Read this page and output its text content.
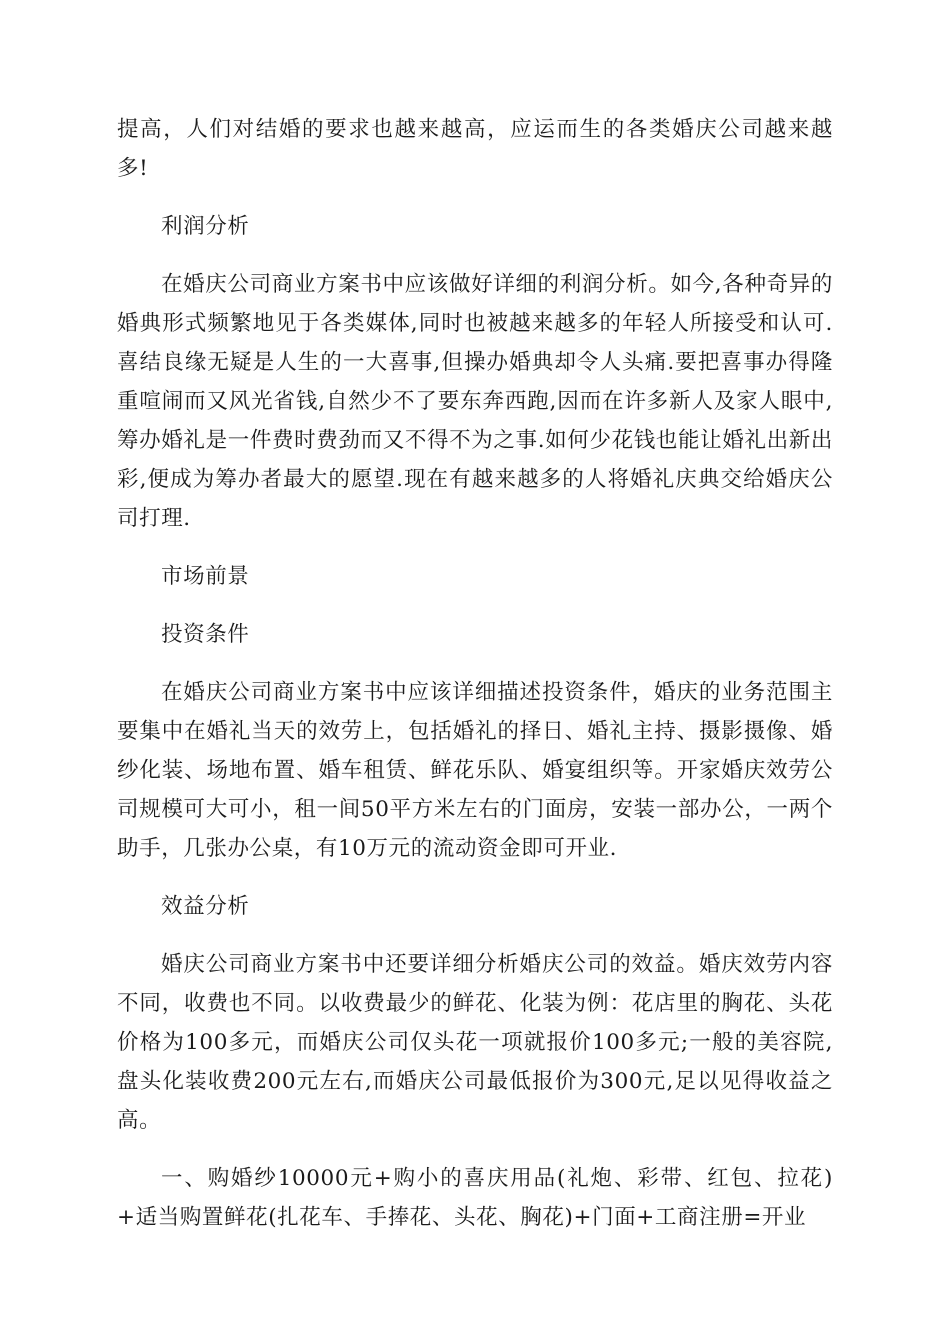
提高，人们对结婚的要求也越来越高，应运而生的各类婚庆公司越来越多!

利润分析

在婚庆公司商业方案书中应该做好详细的利润分析。如今,各种奇异的婚典形式频繁地见于各类媒体,同时也被越来越多的年轻人所接受和认可.喜结良缘无疑是人生的一大喜事,但操办婚典却令人头痛.要把喜事办得隆重喧闹而又风光省钱,自然少不了要东奔西跑,因而在许多新人及家人眼中,筹办婚礼是一件费时费劲而又不得不为之事.如何少花钱也能让婚礼出新出彩,便成为筹办者最大的愿望.现在有越来越多的人将婚礼庆典交给婚庆公司打理.

市场前景

投资条件

在婚庆公司商业方案书中应该详细描述投资条件，婚庆的业务范围主要集中在婚礼当天的效劳上，包括婚礼的择日、婚礼主持、摄影摄像、婚纱化装、场地布置、婚车租赁、鲜花乐队、婚宴组织等。开家婚庆效劳公司规模可大可小，租一间50平方米左右的门面房，安装一部办公，一两个助手，几张办公桌，有10万元的流动资金即可开业.

效益分析

婚庆公司商业方案书中还要详细分析婚庆公司的效益。婚庆效劳内容不同，收费也不同。以收费最少的鲜花、化装为例：花店里的胸花、头花价格为100多元，而婚庆公司仅头花一项就报价100多元;一般的美容院,盘头化装收费200元左右,而婚庆公司最低报价为300元,足以见得收益之高。

一、购婚纱10000元+购小的喜庆用品(礼炮、彩带、红包、拉花)+适当购置鲜花(扎花车、手捧花、头花、胸花)+门面+工商注册=开业
